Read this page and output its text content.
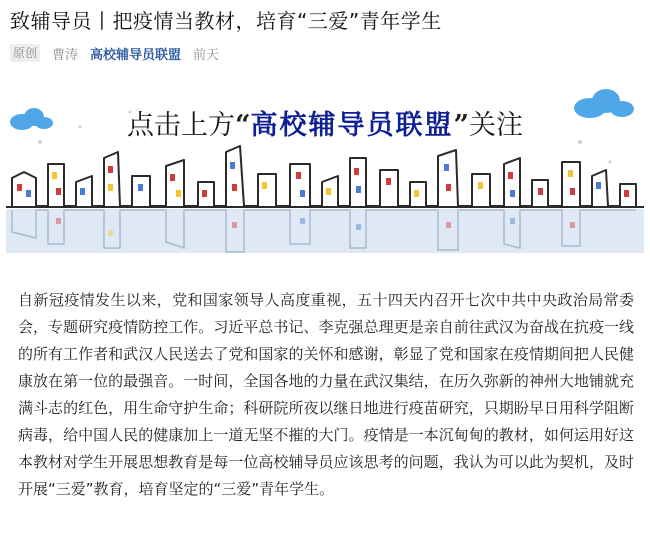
致辅导员丨把疫情当教材，培育“三爱”青年学生
原创 曹涛 高校辅导员联盟 前天
点击上方“高校辅导员联盟”关注
自新冠疫情发生以来，党和国家领导人高度重视，五十四天内召开七次中共中央政治局常委会，专题研究疫情防控工作。习近平总书记、李克强总理更是亲自前往武汉为奋战在抗疫一线的所有工作者和武汉人民送去了党和国家的关怀和感谢，彰显了党和国家在疫情期间把人民健康放在第一位的最强音。一时间，全国各地的力量在武汉集结，在历久弥新的神州大地铺就充满斗志的红色，用生命守护生命；科研院所夜以继日地进行疫苗研究，只期盼早日用科学阻断病毒，给中国人民的健康加上一道无坚不摧的大门。疫情是一本沉甸甸的教材，如何运用好这本教材对学生开展思想教育是每一位高校辅导员应该思考的问题，我认为可以此为契机，及时开展“三爱”教育，培育坚定的“三爱”青年学生。
